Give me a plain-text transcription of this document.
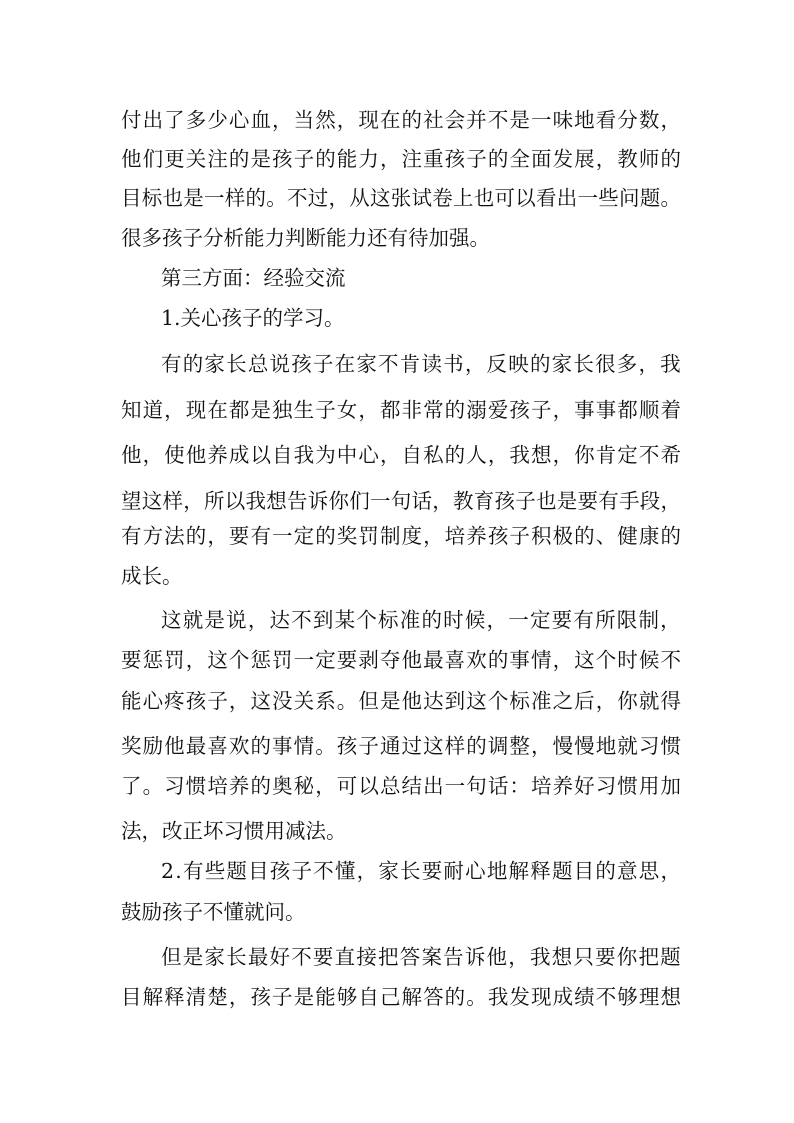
付 出 了 多 少 心 血 ， 当 然 ， 现 在 的 社 会 并 不 是 一 味 地 看 分 数 ，
他 们 更 关 注 的 是 孩 子 的 能 力 ， 注 重 孩 子 的 全 面 发 展 ， 教 师 的
目 标 也 是 一 样 的 。 不 过 ， 从 这 张 试 卷 上 也 可 以 看 出 一 些 问 题 。
很多孩子分析能力判断能力还有待加强。
第三方面：经验交流
1.关心孩子的学习。
有 的 家 长 总 说 孩 子 在 家 不 肯 读 书 ， 反 映 的 家 长 很 多 ， 我
知 道 ， 现 在 都 是 独 生 子 女 ， 都 非 常 的 溺 爱 孩 子 ， 事 事 都 顺 着
他 ， 使 他 养 成 以 自 我 为 中 心 ， 自 私 的 人 ， 我 想 ， 你 肯 定 不 希
望 这 样 ， 所 以 我 想 告 诉 你 们 一 句 话 ， 教 育 孩 子 也 是 要 有 手 段 ，
有 方 法 的 ， 要 有 一 定 的 奖 罚 制 度 ， 培 养 孩 子 积 极 的 、 健 康 的
成长。
这 就 是 说 ， 达 不 到 某 个 标 准 的 时 候 ， 一 定 要 有 所 限 制 ，
要 惩 罚 ， 这 个 惩 罚 一 定 要 剥 夺 他 最 喜 欢 的 事 情 ， 这 个 时 候 不
能 心 疼 孩 子 ， 这 没 关 系 。 但 是 他 达 到 这 个 标 准 之 后 ， 你 就 得
奖 励 他 最 喜 欢 的 事 情 。 孩 子 通 过 这 样 的 调 整 ， 慢 慢 地 就 习 惯
了 。 习 惯 培 养 的 奥 秘 ， 可 以 总 结 出 一 句 话 ： 培 养 好 习 惯 用 加
法，改正坏习惯用减法。
2 . 有 些 题 目 孩 子 不 懂 ， 家 长 要 耐 心 地 解 释 题 目 的 意 思 ，
鼓励孩子不懂就问。
但 是 家 长 最 好 不 要 直 接 把 答 案 告 诉 他 ， 我 想 只 要 你 把 题
目 解 释 清 楚 ， 孩 子 是 能 够 自 己 解 答 的 。 我 发 现 成 绩 不 够 理 想
